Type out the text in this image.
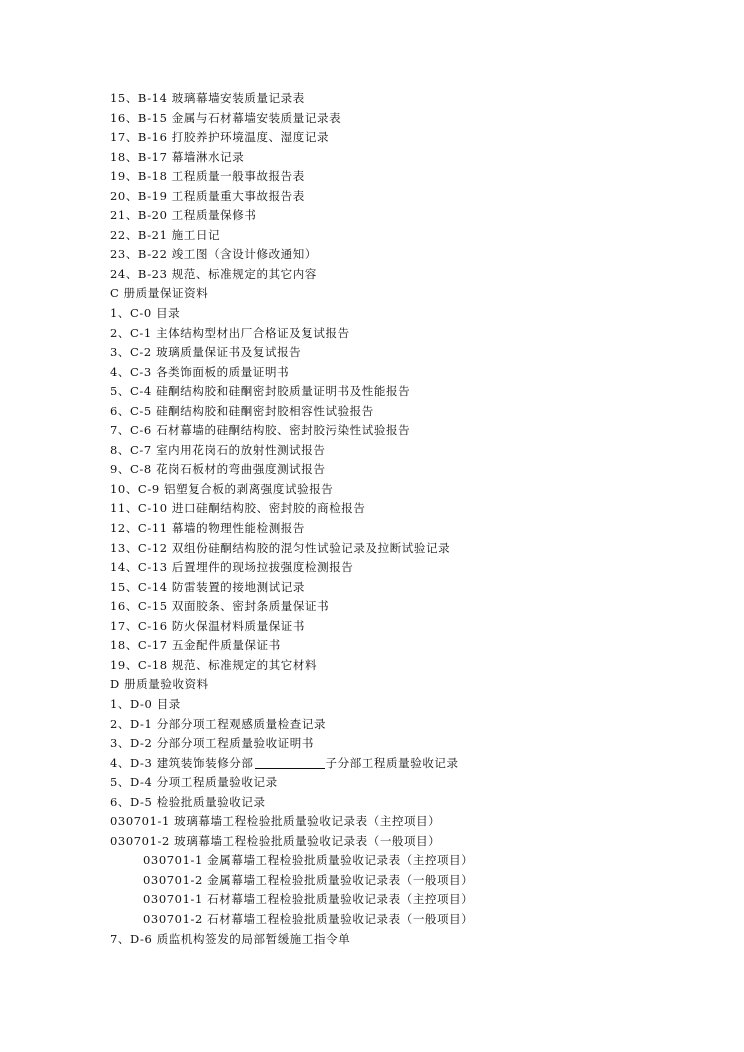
15、B-14 玻璃幕墙安装质量记录表
16、B-15 金属与石材幕墙安装质量记录表
17、B-16 打胶养护环境温度、湿度记录
18、B-17 幕墙淋水记录
19、B-18 工程质量一般事故报告表
20、B-19 工程质量重大事故报告表
21、B-20 工程质量保修书
22、B-21 施工日记
23、B-22 竣工图（含设计修改通知）
24、B-23 规范、标准规定的其它内容
C 册质量保证资料
1、C-0 目录
2、C-1 主体结构型材出厂合格证及复试报告
3、C-2 玻璃质量保证书及复试报告
4、C-3 各类饰面板的质量证明书
5、C-4 硅酮结构胶和硅酮密封胶质量证明书及性能报告
6、C-5 硅酮结构胶和硅酮密封胶相容性试验报告
7、C-6 石材幕墙的硅酮结构胶、密封胶污染性试验报告
8、C-7 室内用花岗石的放射性测试报告
9、C-8 花岗石板材的弯曲强度测试报告
10、C-9 铝塑复合板的剥离强度试验报告
11、C-10 进口硅酮结构胶、密封胶的商检报告
12、C-11 幕墙的物理性能检测报告
13、C-12 双组份硅酮结构胶的混匀性试验记录及拉断试验记录
14、C-13 后置埋件的现场拉拔强度检测报告
15、C-14 防雷装置的接地测试记录
16、C-15 双面胶条、密封条质量保证书
17、C-16 防火保温材料质量保证书
18、C-17 五金配件质量保证书
19、C-18 规范、标准规定的其它材料
D 册质量验收资料
1、D-0 目录
2、D-1 分部分项工程观感质量检查记录
3、D-2 分部分项工程质量验收证明书
4、D-3 建筑装饰装修分部	子分部工程质量验收记录
5、D-4 分项工程质量验收记录
6、D-5 检验批质量验收记录
030701-1 玻璃幕墙工程检验批质量验收记录表（主控项目）
030701-2 玻璃幕墙工程检验批质量验收记录表（一般项目）
030701-1 金属幕墙工程检验批质量验收记录表（主控项目）
030701-2 金属幕墙工程检验批质量验收记录表（一般项目）
030701-1 石材幕墙工程检验批质量验收记录表（主控项目）
030701-2 石材幕墙工程检验批质量验收记录表（一般项目）
7、D-6 质监机构签发的局部暂缓施工指令单
